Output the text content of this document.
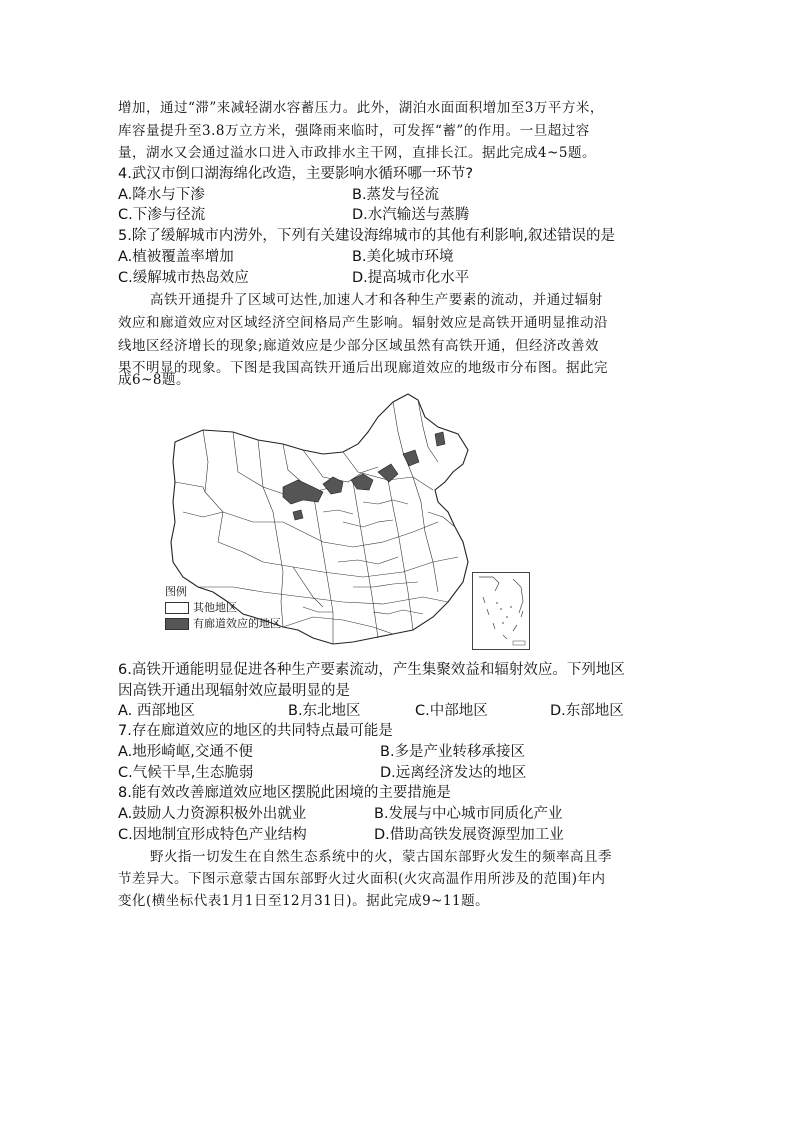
增加，通过“滞”来减轻湖水容蓄压力。此外，湖泊水面面积增加至3万平方米，
库容量提升至3.8万立方米，强降雨来临时，可发挥“蓄”的作用。一旦超过容
量，湖水又会通过溢水口进入市政排水主干网，直排长江。据此完成4~5题。
4.武汉市倒口湖海绵化改造，主要影响水循环哪一环节?
A.降水与下渗	B.蒸发与径流
C.下渗与径流	D.水汽输送与蒸腾
5.除了缓解城市内涝外，下列有关建设海绵城市的其他有利影响,叙述错误的是
A.植被覆盖率增加	B.美化城市环境
C.缓解城市热岛效应	D.提高城市化水平
高铁开通提升了区域可达性,加速人才和各种生产要素的流动，并通过辐射
效应和廊道效应对区域经济空间格局产生影响。辐射效应是高铁开通明显推动沿
线地区经济增长的现象;廊道效应是少部分区域虽然有高铁开通，但经济改善效
果不明显的现象。下图是我国高铁开通后出现廊道效应的地级市分布图。据此完
成6~8题。
图例
其他地区
有廊道效应的地区
6.高铁开通能明显促进各种生产要素流动，产生集聚效益和辐射效应。下列地区
因高铁开通出现辐射效应最明显的是
A. 西部地区	B.东北地区	C.中部地区	D.东部地区
7.存在廊道效应的地区的共同特点最可能是
A.地形崎岖,交通不便	B.多是产业转移承接区
C.气候干旱,生态脆弱	D.远离经济发达的地区
8.能有效改善廊道效应地区摆脱此困境的主要措施是
A.鼓励人力资源积极外出就业	B.发展与中心城市同质化产业
C.因地制宜形成特色产业结构	D.借助高铁发展资源型加工业
野火指一切发生在自然生态系统中的火，蒙古国东部野火发生的频率高且季
节差异大。下图示意蒙古国东部野火过火面积(火灾高温作用所涉及的范围)年内
变化(横坐标代表1月1日至12月31日)。据此完成9~11题。
